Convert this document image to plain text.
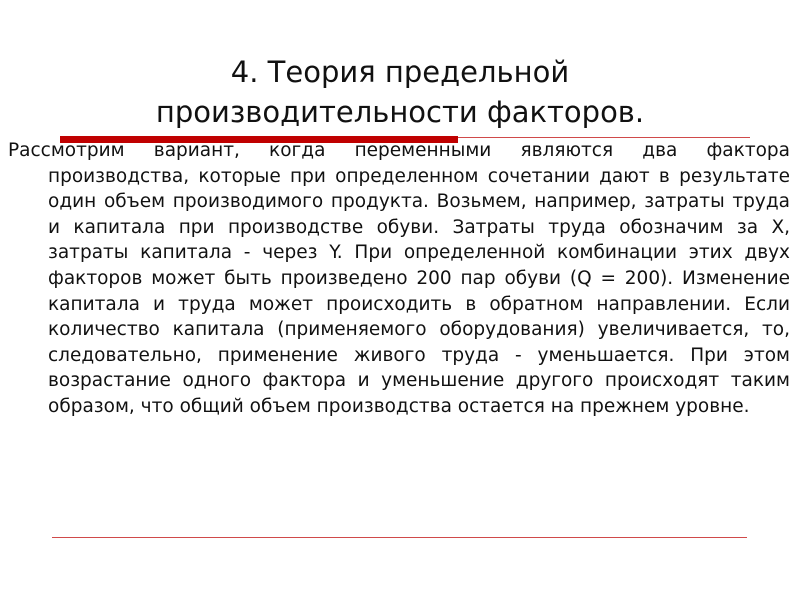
4. Теория предельной
производительности факторов.

Рассмотрим вариант, когда переменными являются два фактора производства, которые при определенном сочетании дают в результате один объем производимого продукта. Возьмем, например, затраты труда и капитала при производстве обуви. Затраты труда обозначим за X, затраты капитала - через Y. При определенной комбинации этих двух факторов может быть произведено 200 пар обуви (Q = 200). Изменение капитала и труда может происходить в обратном направлении. Если количество капитала (применяемого оборудования) увеличивается, то, следовательно, применение живого труда - уменьшается. При этом возрастание одного фактора и уменьшение другого происходят таким образом, что общий объем производства остается на прежнем уровне.
